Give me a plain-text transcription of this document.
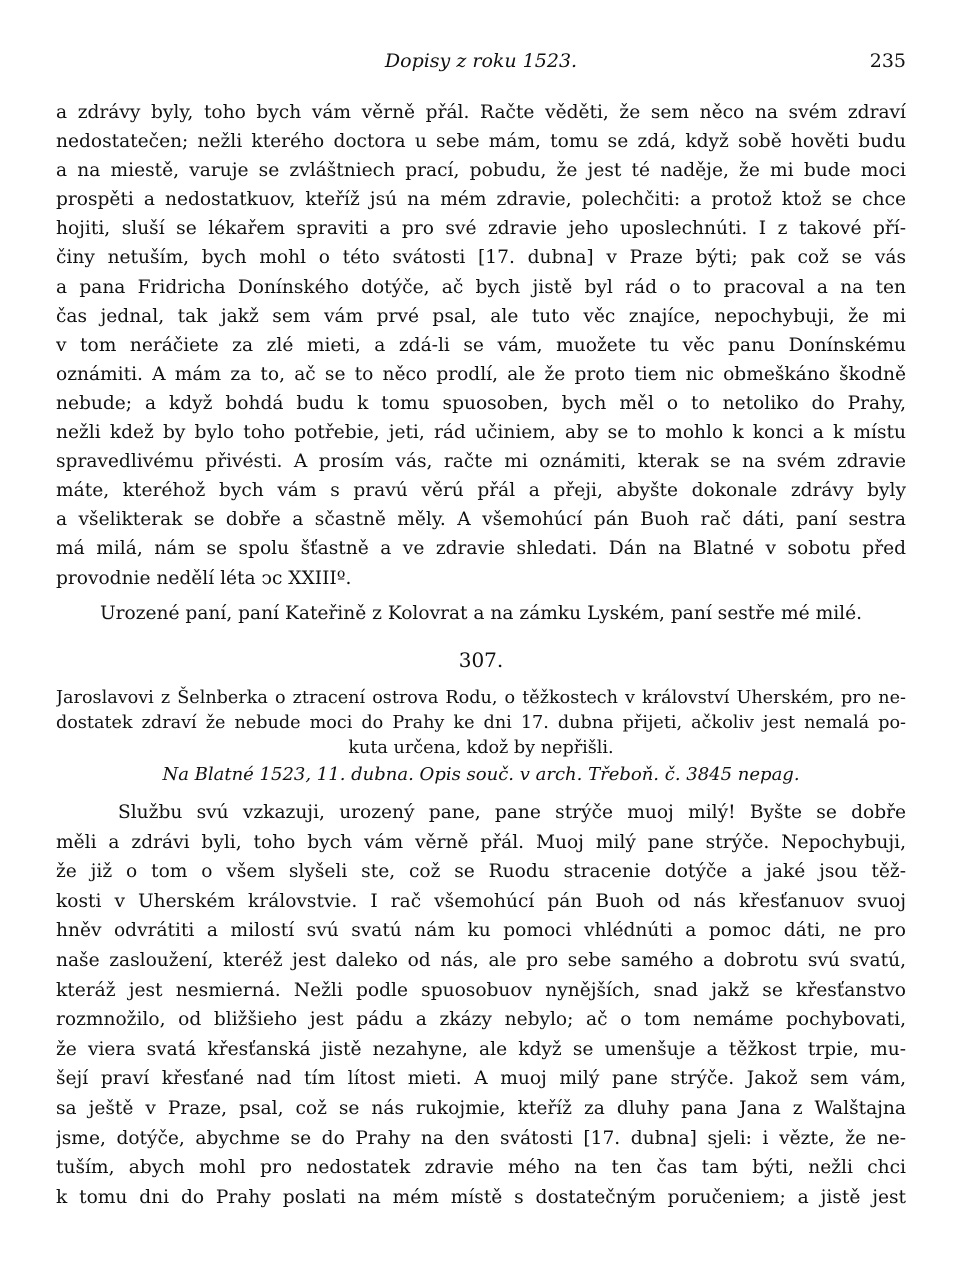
Dopisy z roku 1523.	235
a zdrávy byly, toho bych vám věrně přál. Račte věděti, že sem něco na svém zdraví
nedostatečen; nežli kterého doctora u sebe mám, tomu se zdá, když sobě hověti budu
a na miestě, varuje se zvláštniech prací, pobudu, že jest té naděje, že mi bude moci
prospěti a nedostatkuov, kteříž jsú na mém zdravie, polechčiti: a protož ktož se chce
hojiti, sluší se lékařem spraviti a pro své zdravie jeho uposlechnúti. I z takové pří-
činy netuším, bych mohl o této svátosti [17. dubna] v Praze býti; pak což se vás
a pana Fridricha Donínského dotýče, ač bych jistě byl rád o to pracoval a na ten
čas jednal, tak jakž sem vám prvé psal, ale tuto věc znajíce, nepochybuji, že mi
v tom neráčiete za zlé mieti, a zdá-li se vám, muožete tu věc panu Donínskému
oznámiti. A mám za to, ač se to něco prodlí, ale že proto tiem nic obmeškáno škodně
nebude; a když bohdá budu k tomu spuosoben, bych měl o to netoliko do Prahy,
nežli kdež by bylo toho potřebie, jeti, rád učiniem, aby se to mohlo k konci a k místu
spravedlivému přivésti. A prosím vás, račte mi oznámiti, kterak se na svém zdravie
máte, kteréhož bych vám s pravú věrú přál a přeji, abyšte dokonale zdrávy byly
a všelikterak se dobře a sčastně měly. A všemohúcí pán Buoh rač dáti, paní sestra
má milá, nám se spolu šťastně a ve zdravie shledati. Dán na Blatné v sobotu před
provodnie nedělí léta ↄc XXIIIº.
Urozené paní, paní Kateřině z Kolovrat a na zámku Lyském, paní sestře mé milé.
307.
Jaroslavovi z Šelnberka o ztracení ostrova Rodu, o těžkostech v království Uherském, pro ne-
dostatek zdraví že nebude moci do Prahy ke dni 17. dubna přijeti, ačkoliv jest nemalá po-
kuta určena, kdož by nepřišli.
Na Blatné 1523, 11. dubna. Opis souč. v arch. Třeboň. č. 3845 nepag.
Službu svú vzkazuji, urozený pane, pane strýče muoj milý! Byšte se dobře
měli a zdrávi byli, toho bych vám věrně přál. Muoj milý pane strýče. Nepochybuji,
že již o tom o všem slyšeli ste, což se Ruodu stracenie dotýče a jaké jsou těž-
kosti v Uherském královstvie. I rač všemohúcí pán Buoh od nás křesťanuov svuoj
hněv odvrátiti a milostí svú svatú nám ku pomoci vhlédnúti a pomoc dáti, ne pro
naše zasloužení, kteréž jest daleko od nás, ale pro sebe samého a dobrotu svú svatú,
kteráž jest nesmierná. Nežli podle spuosobuov nynějších, snad jakž se křesťanstvo
rozmnožilo, od bližšieho jest pádu a zkázy nebylo; ač o tom nemáme pochybovati,
že viera svatá křesťanská jistě nezahyne, ale když se umenšuje a těžkost trpie, mu-
šejí praví křesťané nad tím lítost mieti. A muoj milý pane strýče. Jakož sem vám,
sa ještě v Praze, psal, což se nás rukojmie, kteříž za dluhy pana Jana z Walštajna
jsme, dotýče, abychme se do Prahy na den svátosti [17. dubna] sjeli: i vězte, že ne-
tuším, abych mohl pro nedostatek zdravie mého na ten čas tam býti, nežli chci
k tomu dni do Prahy poslati na mém místě s dostatečným poručeniem; a jistě jest
